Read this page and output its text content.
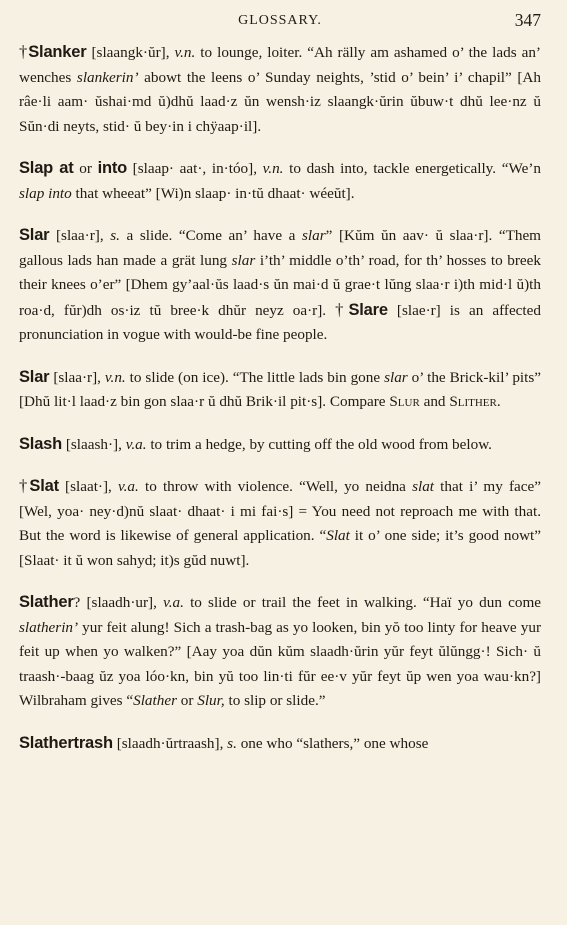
GLOSSARY.	347

†Slanker [slaangk·ŭr], v.n. to lounge, loiter. “Ah rälly am ashamed o’ the lads an’ wenches slankerin’ abowt the leens o’ Sunday neights, ’stid o’ bein’ i’ chapil” [Ah râe·li aam· ŭshai·md ŭ)dhŭ laad·z ŭn wensh·iz slaangk·ŭrin ŭbuw·t dhŭ lee·nz ŭ Sŭn·di neyts, stid· ŭ bey·in i chÿaap·il].

Slap at or into [slaap· aat·, in·tóo], v.n. to dash into, tackle energetically. “We’n slap into that wheeat” [Wi)n slaap· in·tŭ dhaat· wéeŭt].

Slar [slaa·r], s. a slide. “Come an’ have a slar” [Kŭm ŭn aav· ŭ slaa·r]. “Them gallous lads han made a grät lung slar i’th’ middle o’th’ road, for th’ hosses to breek their knees o’er” [Dhem gy’aal·ŭs laad·s ŭn mai·d ŭ grae·t lŭng slaa·r i)th mid·l ŭ)th roa·d, fŭr)dh os·iz tŭ bree·k dhŭr neyz oa·r]. †Slare [slae·r] is an affected pronunciation in vogue with would-be fine people.

Slar [slaa·r], v.n. to slide (on ice). “The little lads bin gone slar o’ the Brick-kil’ pits” [Dhŭ lit·l laad·z bin gon slaa·r ŭ dhŭ Brik·il pit·s]. Compare Slur and Slither.

Slash [slaash·], v.a. to trim a hedge, by cutting off the old wood from below.

†Slat [slaat·], v.a. to throw with violence. “Well, yo neidna slat that i’ my face” [Wel, yoa· ney·d)nŭ slaat· dhaat· i mi fai·s] = You need not reproach me with that. But the word is likewise of general application. “Slat it o’ one side; it’s good nowt” [Slaat· it ŭ won sahyd; it)s gŭd nuwt].

Slather? [slaadh·ur], v.a. to slide or trail the feet in walking. “Haï yo dun come slatherin’ yur feit alung! Sich a trash-bag as yo looken, bin yŏ too linty for heave yur feit up when yo walken?” [Aay yoa dŭn kŭm slaadh·ŭrin yŭr feyt ŭlŭngg·! Sich· ŭ traash·-baag ŭz yoa lóo·kn, bin yŭ too lin·ti fŭr ee·v yŭr feyt ŭp wen yoa wau·kn?] Wilbraham gives “Slather or Slur, to slip or slide.”

Slathertrash [slaadh·ŭrtraash], s. one who “slathers,” one whose
